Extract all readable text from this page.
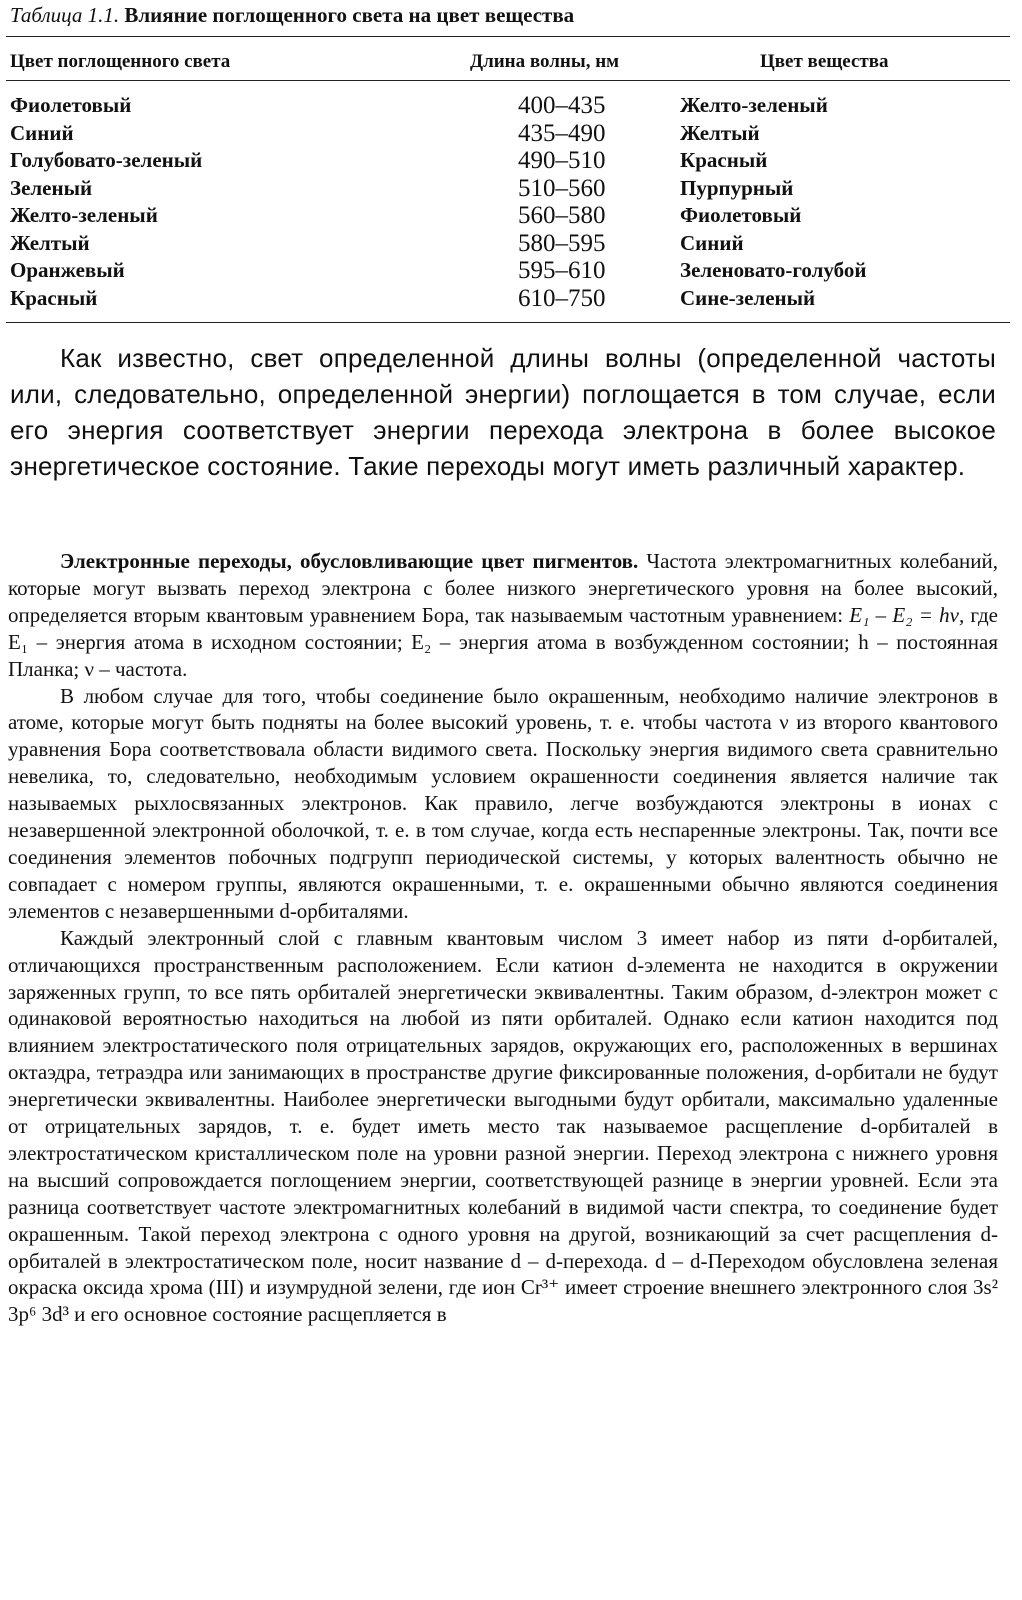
Таблица 1.1. Влияние поглощенного света на цвет вещества
Цвет поглощенного света	Длина волны, нм	Цвет вещества
Фиолетовый	400–435	Желто-зеленый
Синий	435–490	Желтый
Голубовато-зеленый	490–510	Красный
Зеленый	510–560	Пурпурный
Желто-зеленый	560–580	Фиолетовый
Желтый	580–595	Синий
Оранжевый	595–610	Зеленовато-голубой
Красный	610–750	Сине-зеленый
Как известно, свет определенной длины волны (определенной частоты или, следовательно, определенной энергии) поглощается в том случае, если его энергия соответствует энергии перехода электрона в более высокое энергетическое состояние. Такие переходы могут иметь различный характер.

Электронные переходы, обусловливающие цвет пигментов. Частота электромагнитных колебаний, которые могут вызвать переход электрона с более низкого энергетического уровня на более высокий, определяется вторым квантовым уравнением Бора, так называемым частотным уравнением: E₁ – E₂ = hν, где E₁ – энергия атома в исходном состоянии; E₂ – энергия атома в возбужденном состоянии; h – постоянная Планка; ν – частота.

В любом случае для того, чтобы соединение было окрашенным, необходимо наличие электронов в атоме, которые могут быть подняты на более высокий уровень, т. е. чтобы частота ν из второго квантового уравнения Бора соответствовала области видимого света. Поскольку энергия видимого света сравнительно невелика, то, следовательно, необходимым условием окрашенности соединения является наличие так называемых рыхлосвязанных электронов. Как правило, легче возбуждаются электроны в ионах с незавершенной электронной оболочкой, т. е. в том случае, когда есть неспаренные электроны. Так, почти все соединения элементов побочных подгрупп периодической системы, у которых валентность обычно не совпадает с номером группы, являются окрашенными, т. е. окрашенными обычно являются соединения элементов с незавершенными d-орбиталями.

Каждый электронный слой с главным квантовым числом 3 имеет набор из пяти d-орбиталей, отличающихся пространственным расположением. Если катион d-элемента не находится в окружении заряженных групп, то все пять орбиталей энергетически эквивалентны. Таким образом, d-электрон может с одинаковой вероятностью находиться на любой из пяти орбиталей. Однако если катион находится под влиянием электростатического поля отрицательных зарядов, окружающих его, расположенных в вершинах октаэдра, тетраэдра или занимающих в пространстве другие фиксированные положения, d-орбитали не будут энергетически эквивалентны. Наиболее энергетически выгодными будут орбитали, максимально удаленные от отрицательных зарядов, т. е. будет иметь место так называемое расщепление d-орбиталей в электростатическом кристаллическом поле на уровни разной энергии. Переход электрона с нижнего уровня на высший сопровождается поглощением энергии, соответствующей разнице в энергии уровней. Если эта разница соответствует частоте электромагнитных колебаний в видимой части спектра, то соединение будет окрашенным. Такой переход электрона с одного уровня на другой, возникающий за счет расщепления d-орбиталей в электростатическом поле, носит название d – d-перехода. d – d-Переходом обусловлена зеленая окраска оксида хрома (III) и изумрудной зелени, где ион Cr³⁺ имеет строение внешнего электронного слоя 3s² 3p⁶ 3d³ и его основное состояние расщепляется в
